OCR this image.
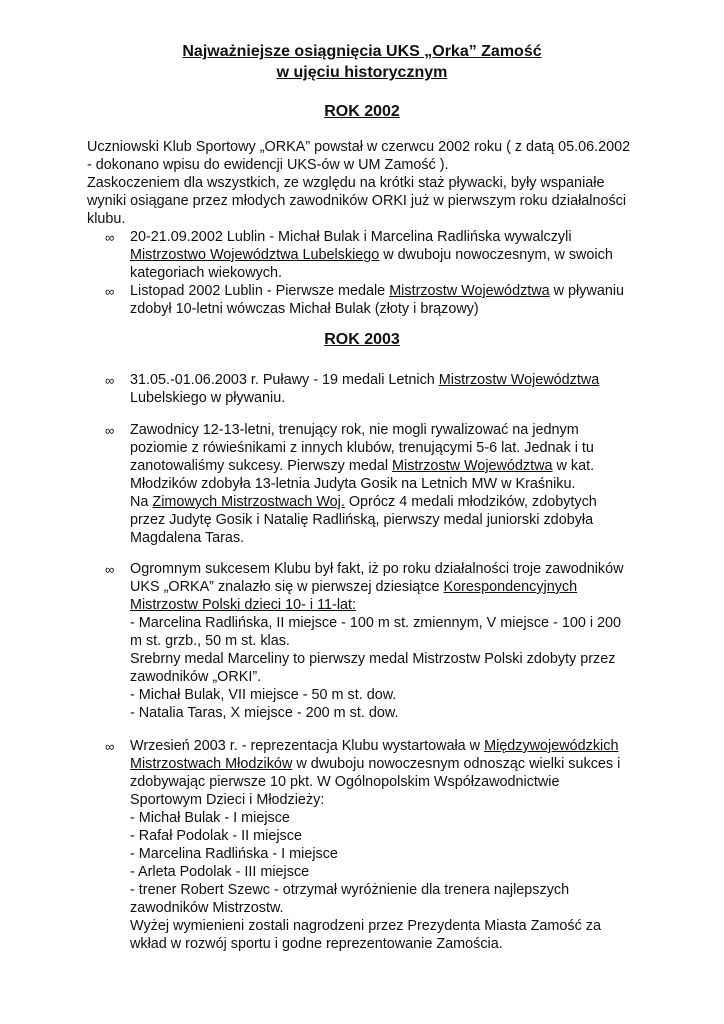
Najważniejsze osiągnięcia UKS „Orka” Zamość
w ujęciu historycznym
ROK 2002
Uczniowski Klub Sportowy „ORKA” powstał w czerwcu 2002 roku ( z datą 05.06.2002
- dokonano wpisu do ewidencji UKS-ów w UM Zamość ).
Zaskoczeniem dla wszystkich, ze względu na krótki staż pływacki, były wspaniałe
wyniki osiągane przez młodych zawodników ORKI już w pierwszym roku działalności
klubu.
∞ 20-21.09.2002 Lublin - Michał Bulak i Marcelina Radlińska wywalczyli
Mistrzostwo Województwa Lubelskiego w dwuboju nowoczesnym, w swoich
kategoriach wiekowych.
∞ Listopad 2002 Lublin - Pierwsze medale Mistrzostw Województwa w pływaniu
zdobył 10-letni wówczas Michał Bulak (złoty i brązowy)
ROK 2003
∞ 31.05.-01.06.2003 r. Puławy - 19 medali Letnich Mistrzostw Województwa
Lubelskiego w pływaniu.
∞ Zawodnicy 12-13-letni, trenujący rok, nie mogli rywalizować na jednym
poziomie z rówieśnikami z innych klubów, trenującymi 5-6 lat. Jednak i tu
zanotowaliśmy sukcesy. Pierwszy medal Mistrzostw Województwa w kat.
Młodzików zdobyła 13-letnia Judyta Gosik na Letnich MW w Kraśniku.
Na Zimowych Mistrzostwach Woj. Oprócz 4 medali młodzików, zdobytych
przez Judytę Gosik i Natalię Radlińską, pierwszy medal juniorski zdobyła
Magdalena Taras.
∞ Ogromnym sukcesem Klubu był fakt, iż po roku działalności troje zawodników
UKS „ORKA” znalazło się w pierwszej dziesiątce Korespondencyjnych
Mistrzostw Polski dzieci 10- i 11-lat:
- Marcelina Radlińska, II miejsce - 100 m st. zmiennym, V miejsce - 100 i 200
m st. grzb., 50 m st. klas.
Srebrny medal Marceliny to pierwszy medal Mistrzostw Polski zdobyty przez
zawodników „ORKI”.
- Michał Bulak, VII miejsce - 50 m st. dow.
- Natalia Taras, X miejsce - 200 m st. dow.
∞ Wrzesień 2003 r. - reprezentacja Klubu wystartowała w Międzywojewódzkich
Mistrzostwach Młodzików w dwuboju nowoczesnym odnosząc wielki sukces i
zdobywając pierwsze 10 pkt. W Ogólnopolskim Współzawodnictwie
Sportowym Dzieci i Młodzieży:
- Michał Bulak - I miejsce
- Rafał Podolak - II miejsce
- Marcelina Radlińska - I miejsce
- Arleta Podolak - III miejsce
- trener Robert Szewc - otrzymał wyróżnienie dla trenera najlepszych
zawodników Mistrzostw.
Wyżej wymienieni zostali nagrodzeni przez Prezydenta Miasta Zamość za
wkład w rozwój sportu i godne reprezentowanie Zamościa.
